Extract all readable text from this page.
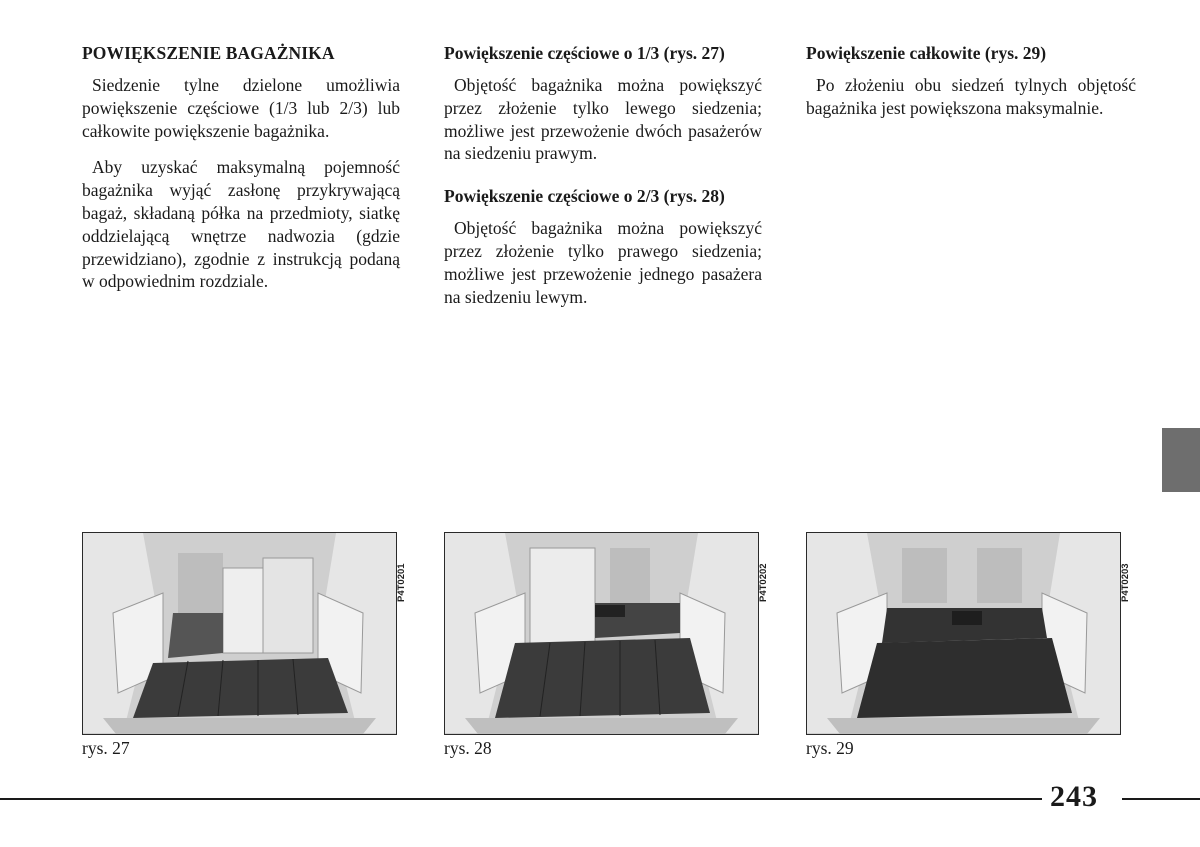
POWIĘKSZENIE BAGAŻNIKA

Siedzenie tylne dzielone umożliwia powiększenie częściowe (1/3 lub 2/3) lub całkowite powiększenie bagażnika.

Aby uzyskać maksymalną pojemność bagażnika wyjąć zasłonę przykrywającą bagaż, składaną półka na przedmioty, siatkę oddzielającą wnętrze nadwozia (gdzie przewidziano), zgodnie z instrukcją podaną w odpowiednim rozdziale.

Powiększenie częściowe o 1/3 (rys. 27)

Objętość bagażnika można powiększyć przez złożenie tylko lewego siedzenia; możliwe jest przewożenie dwóch pasażerów na siedzeniu prawym.

Powiększenie częściowe o 2/3 (rys. 28)

Objętość bagażnika można powiększyć przez złożenie tylko prawego siedzenia; możliwe jest przewożenie jednego pasażera na siedzeniu lewym.

Powiększenie całkowite (rys. 29)

Po złożeniu obu siedzeń tylnych objętość bagażnika jest powiększona maksymalnie.

P4T0201
rys. 27
P4T0202
rys. 28
P4T0203
rys. 29
243
